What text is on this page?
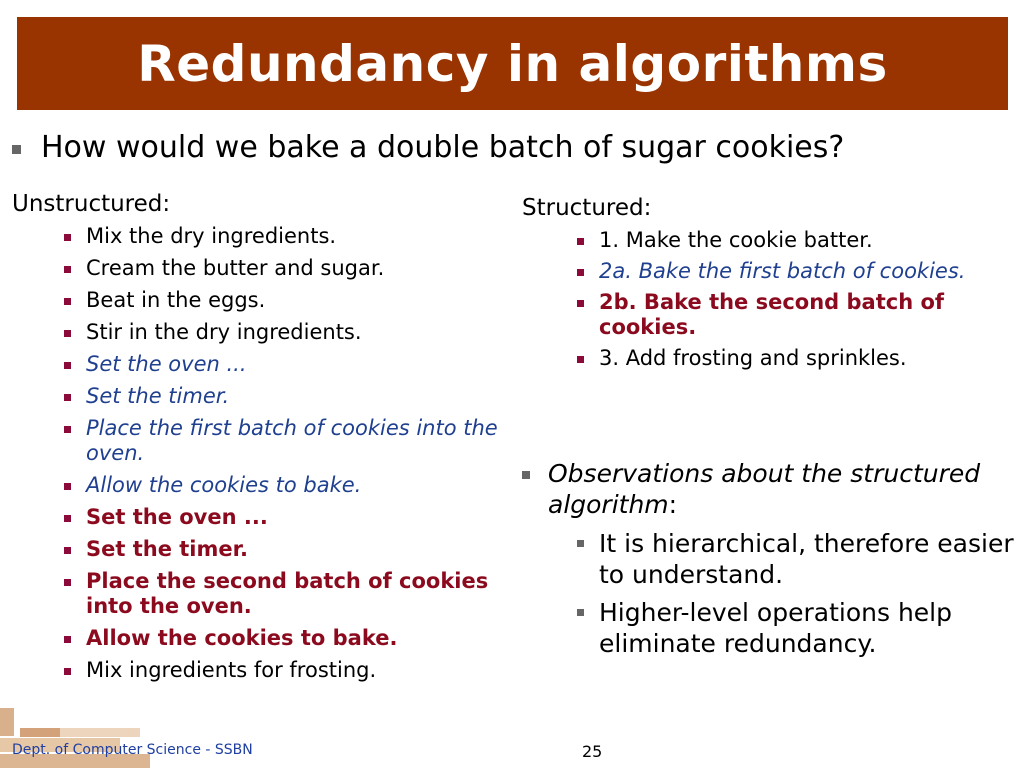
Redundancy in algorithms
How would we bake a double batch of sugar cookies?
Unstructured:
Mix the dry ingredients.
Cream the butter and sugar.
Beat in the eggs.
Stir in the dry ingredients.
Set the oven ...
Set the timer.
Place the first batch of cookies into the oven.
Allow the cookies to bake.
Set the oven ...
Set the timer.
Place the second batch of cookies into the oven.
Allow the cookies to bake.
Mix ingredients for frosting.
Structured:
1. Make the cookie batter.
2a. Bake the first batch of cookies.
2b. Bake the second batch of cookies.
3. Add frosting and sprinkles.
Observations about the structured algorithm:
It is hierarchical, therefore easier to understand.
Higher-level operations help eliminate redundancy.
Dept. of Computer Science - SSBN	25
